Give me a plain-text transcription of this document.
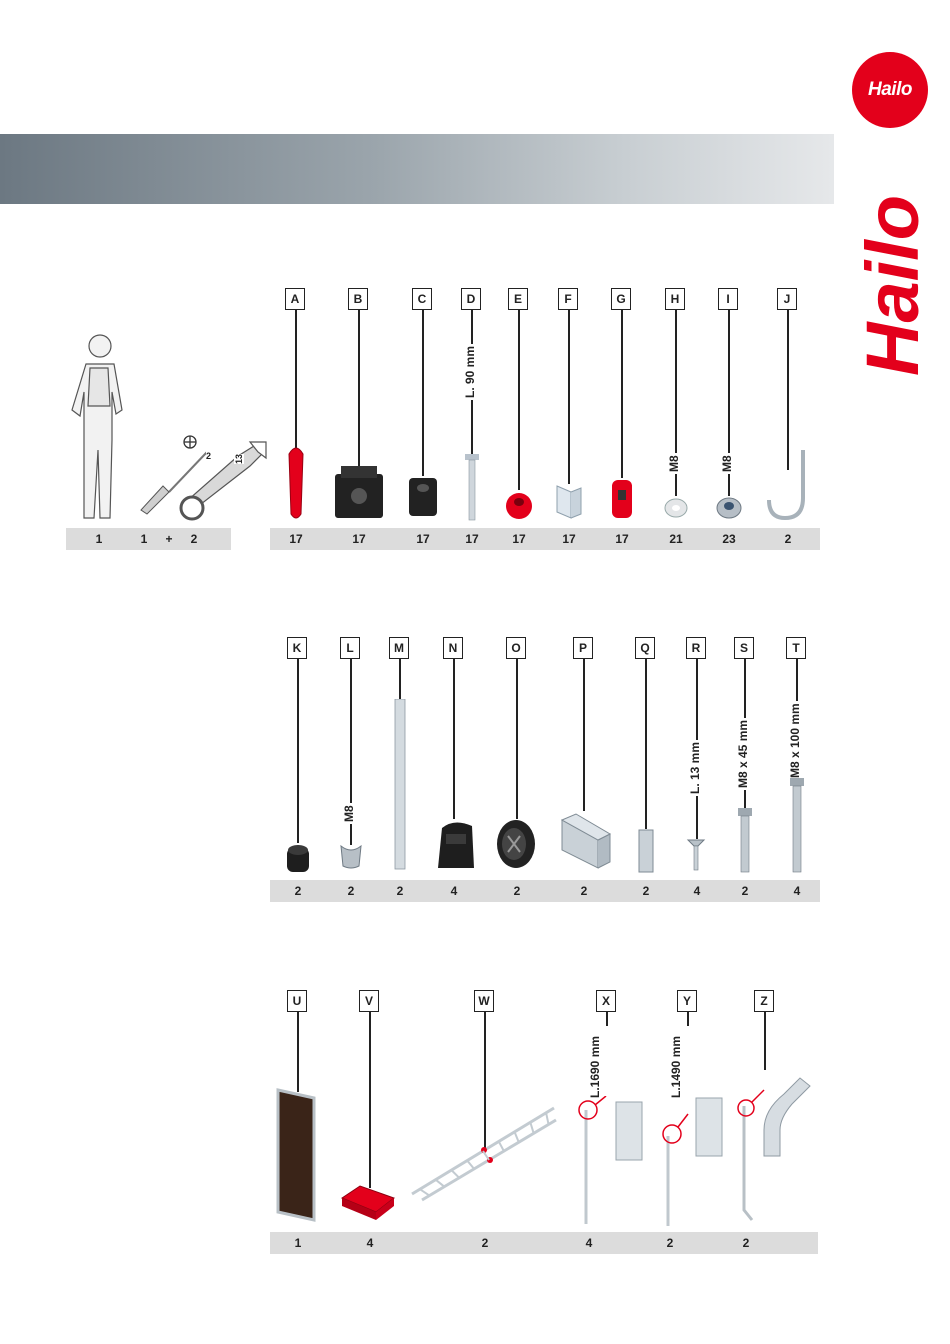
Hailo
Hailo
2	13
A	B	C	D	E	F	G	H	I	J
L. 90 mm
M8	M8
1	1	+	2	17	17	17	17	17	17	17	21	23	2
K	L	M	N	O	P	Q	R	S	T
M8
L. 13 mm	M8 x 45 mm	M8 x 100 mm
2	2	2	4	2	2	2	4	2	4
U	V	W	X	Y	Z
L.1690 mm	L.1490 mm
1	4	2	4	2	2
